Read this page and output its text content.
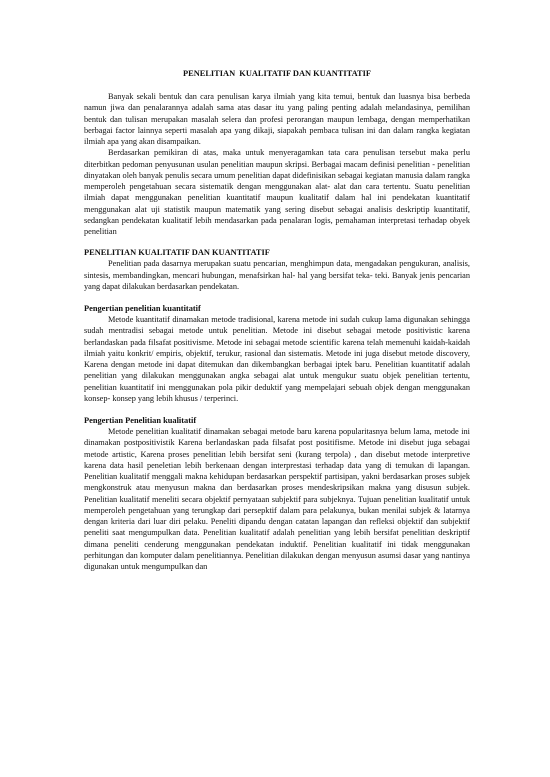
PENELITIAN  KUALITATIF DAN KUANTITATIF

Banyak sekali bentuk dan cara penulisan karya ilmiah yang kita temui, bentuk dan luasnya bisa berbeda namun jiwa dan penalarannya adalah sama atas dasar itu yang paling penting adalah melandasinya, pemilihan bentuk dan tulisan merupakan masalah selera dan profesi perorangan maupun lembaga, dengan memperhatikan berbagai factor lainnya seperti masalah apa yang dikaji, siapakah pembaca tulisan ini dan dalam rangka kegiatan ilmiah apa yang akan disampaikan.

Berdasarkan pemikiran di atas, maka untuk menyeragamkan tata cara penulisan tersebut maka perlu diterbitkan pedoman penyusunan usulan penelitian maupun skripsi. Berbagai macam definisi penelitian - penelitian dinyatakan oleh banyak penulis secara umum penelitian dapat didefinisikan sebagai kegiatan manusia dalam rangka memperoleh pengetahuan secara sistematik dengan menggunakan alat- alat dan cara tertentu. Suatu penelitian ilmiah dapat menggunakan penelitian kuantitatif maupun kualitatif dalam hal ini pendekatan kuantitatif menggunakan alat uji statistik maupun matematik yang sering disebut sebagai analisis deskriptip kuantitatif, sedangkan pendekatan kualitatif lebih mendasarkan pada penalaran logis, pemahaman interpretasi terhadap obyek penelitian

PENELITIAN KUALITATIF DAN KUANTITATIF

Penelitian pada dasarnya merupakan suatu pencarian, menghimpun data, mengadakan pengukuran, analisis, sintesis, membandingkan, mencari hubungan, menafsirkan hal- hal yang bersifat teka- teki. Banyak jenis pencarian yang dapat dilakukan berdasarkan pendekatan.

Pengertian penelitian kuantitatif

Metode kuantitatif dinamakan metode tradisional, karena metode ini sudah cukup lama digunakan sehingga sudah mentradisi sebagai metode untuk penelitian. Metode ini disebut sebagai metode positivistic karena berlandaskan pada filsafat positivisme. Metode ini sebagai metode scientific karena telah memenuhi kaidah-kaidah ilmiah yaitu konkrit/ empiris, objektif, terukur, rasional dan sistematis. Metode ini juga disebut metode discovery, Karena dengan metode ini dapat ditemukan dan dikembangkan berbagai iptek baru. Penelitian kuantitatif adalah penelitian yang dilakukan menggunakan angka sebagai alat untuk mengukur suatu objek penelitian tertentu, penelitian kuantitatif ini menggunakan pola pikir deduktif yang mempelajari sebuah objek dengan menggunakan konsep- konsep yang lebih khusus / terperinci.

Pengertian Penelitian kualitatif

Metode penelitian kualitatif dinamakan sebagai metode baru karena popularitasnya belum lama, metode ini dinamakan postpositivistik Karena berlandaskan pada filsafat post positifisme. Metode ini disebut juga sebagai metode artistic, Karena proses penelitian lebih bersifat seni (kurang terpola) , dan disebut metode interpretive karena data hasil peneletian lebih berkenaan dengan interprestasi terhadap data yang di temukan di lapangan. Penelitian kualitatif menggali makna kehidupan berdasarkan perspektif partisipan, yakni berdasarkan proses subjek mengkonstruk atau menyusun makna dan berdasarkan proses mendeskripsikan makna yang disusun subjek. Penelitian kualitatif meneliti secara objektif pernyataan subjektif para subjeknya. Tujuan penelitian kualitatif untuk memperoleh pengetahuan yang terungkap dari persepktif dalam para pelakunya, bukan menilai subjek & latarnya dengan kriteria dari luar diri pelaku. Peneliti dipandu dengan catatan lapangan dan refleksi objektif dan subjektif peneliti saat mengumpulkan data. Penelitian kualitatif adalah penelitian yang lebih bersifat penelitian deskriptif dimana peneliti cenderung menggunakan pendekatan induktif. Penelitian kualitatif ini tidak menggunakan perhitungan dan komputer dalam penelitiannya. Penelitian dilakukan dengan menyusun asumsi dasar yang nantinya digunakan untuk mengumpulkan dan
